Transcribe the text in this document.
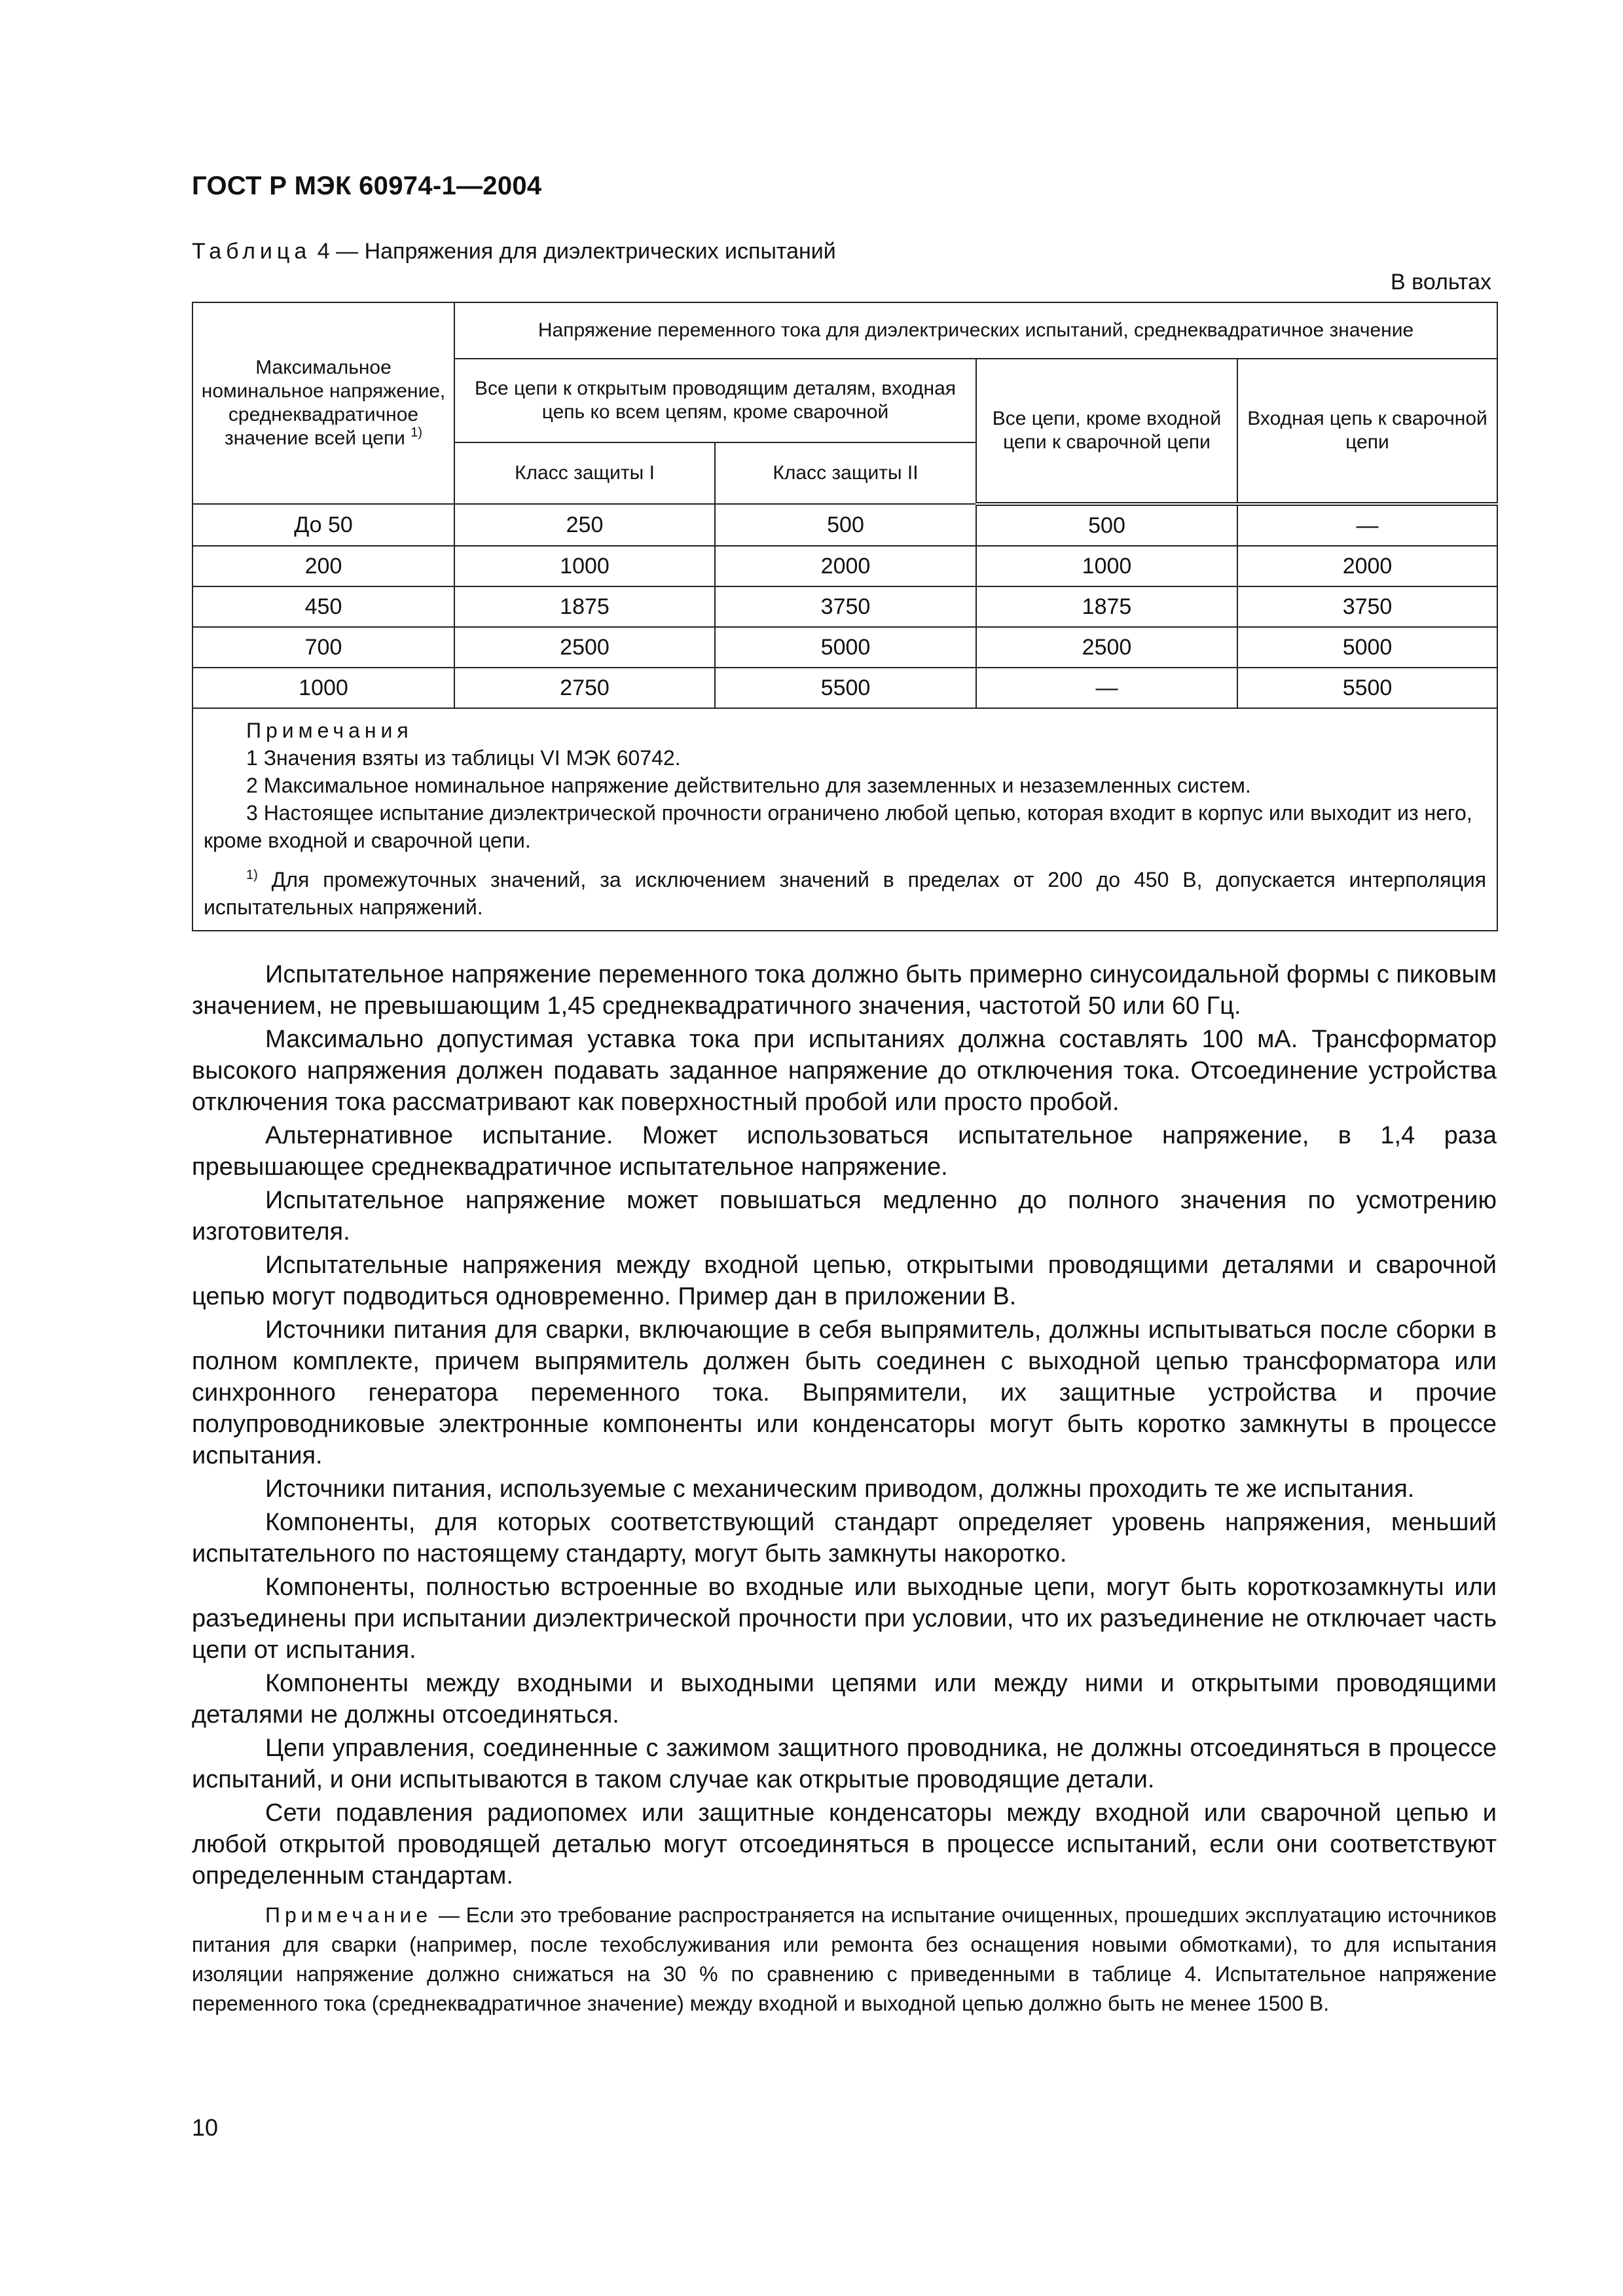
ГОСТ Р МЭК 60974-1—2004
Таблица 4 — Напряжения для диэлектрических испытаний
В вольтах
Максимальное номинальное напряжение, среднеквадратичное значение всей цепи $^{1)}$	Напряжение переменного тока для диэлектрических испытаний, среднеквадратичное значение			
	Все цепи к открытым проводящим деталям, входная цепь ко всем цепям, кроме сварочной		Все цепи, кроме входной цепи к сварочной цепи	Входная цепь к сварочной цепи
	Класс защиты I	Класс защиты II		
До 50	250	500	500	—
200	1000	2000	1000	2000
450	1875	3750	1875	3750
700	2500	5000	2500	5000
1000	2750	5500	—	5500

Примечания
1 Значения взяты из таблицы VI МЭК 60742.
2 Максимальное номинальное напряжение действительно для заземленных и незаземленных систем.
3 Настоящее испытание диэлектрической прочности ограничено любой цепью, которая входит в корпус или выходит из него, кроме входной и сварочной цепи.
$^{1)}$ Для промежуточных значений, за исключением значений в пределах от 200 до 450 В, допускается интерполяция испытательных напряжений.				

Испытательное напряжение переменного тока должно быть примерно синусоидальной формы с пиковым значением, не превышающим 1,45 среднеквадратичного значения, частотой 50 или 60 Гц.

Максимально допустимая уставка тока при испытаниях должна составлять 100 мА. Трансформатор высокого напряжения должен подавать заданное напряжение до отключения тока. Отсоединение устройства отключения тока рассматривают как поверхностный пробой или просто пробой.

Альтернативное испытание. Может использоваться испытательное напряжение, в 1,4 раза превышающее среднеквадратичное испытательное напряжение.

Испытательное напряжение может повышаться медленно до полного значения по усмотрению изготовителя.

Испытательные напряжения между входной цепью, открытыми проводящими деталями и сварочной цепью могут подводиться одновременно. Пример дан в приложении В.

Источники питания для сварки, включающие в себя выпрямитель, должны испытываться после сборки в полном комплекте, причем выпрямитель должен быть соединен с выходной цепью трансформатора или синхронного генератора переменного тока. Выпрямители, их защитные устройства и прочие полупроводниковые электронные компоненты или конденсаторы могут быть коротко замкнуты в процессе испытания.

Источники питания, используемые с механическим приводом, должны проходить те же испытания.

Компоненты, для которых соответствующий стандарт определяет уровень напряжения, меньший испытательного по настоящему стандарту, могут быть замкнуты накоротко.

Компоненты, полностью встроенные во входные или выходные цепи, могут быть короткозамкнуты или разъединены при испытании диэлектрической прочности при условии, что их разъединение не отключает часть цепи от испытания.

Компоненты между входными и выходными цепями или между ними и открытыми проводящими деталями не должны отсоединяться.

Цепи управления, соединенные с зажимом защитного проводника, не должны отсоединяться в процессе испытаний, и они испытываются в таком случае как открытые проводящие детали.

Сети подавления радиопомех или защитные конденсаторы между входной или сварочной цепью и любой открытой проводящей деталью могут отсоединяться в процессе испытаний, если они соответствуют определенным стандартам.

Примечание — Если это требование распространяется на испытание очищенных, прошедших эксплуатацию источников питания для сварки (например, после техобслуживания или ремонта без оснащения новыми обмотками), то для испытания изоляции напряжение должно снижаться на 30 % по сравнению с приведенными в таблице 4. Испытательное напряжение переменного тока (среднеквадратичное значение) между входной и выходной цепью должно быть не менее 1500 В.
10
